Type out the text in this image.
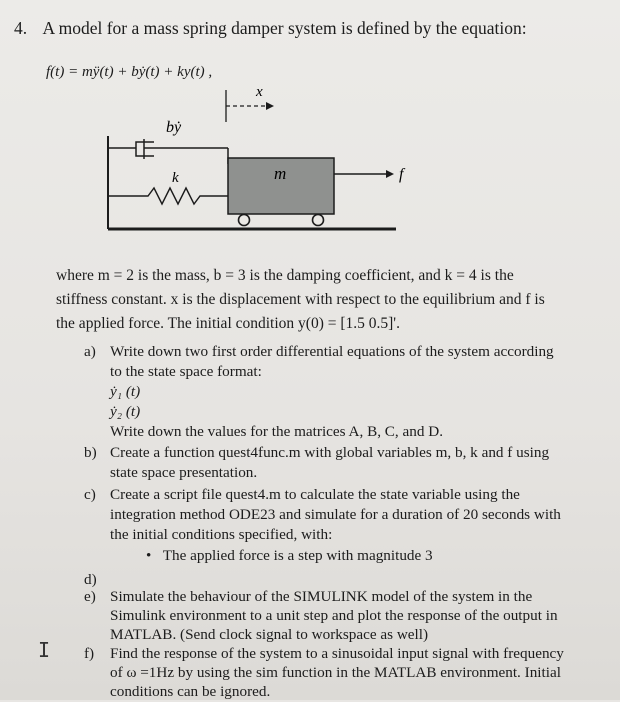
4. A model for a mass spring damper system is defined by the equation:
f(t) = mÿ(t) + bẏ(t) + ky(t) ,
x
bẏ
k	m	f
where m = 2 is the mass, b = 3 is the damping coefficient, and k = 4 is the
stiffness constant. x is the displacement with respect to the equilibrium and f is
the applied force. The initial condition y(0) = [1.5 0.5]'.
a) Write down two first order differential equations of the system according
to the state space format:
ẏ₁ (t)
ẏ₂ (t)
Write down the values for the matrices A, B, C, and D.
b) Create a function quest4func.m with global variables m, b, k and f using
state space presentation.
c) Create a script file quest4.m to calculate the state variable using the
integration method ODE23 and simulate for a duration of 20 seconds with
the initial conditions specified, with:
•   The applied force is a step with magnitude 3
d)
e) Simulate the behaviour of the SIMULINK model of the system in the
Simulink environment to a unit step and plot the response of the output in
MATLAB. (Send clock signal to workspace as well)
f) Find the response of the system to a sinusoidal input signal with frequency
of ω =1Hz by using the sim function in the MATLAB environment. Initial
conditions can be ignored.
I
